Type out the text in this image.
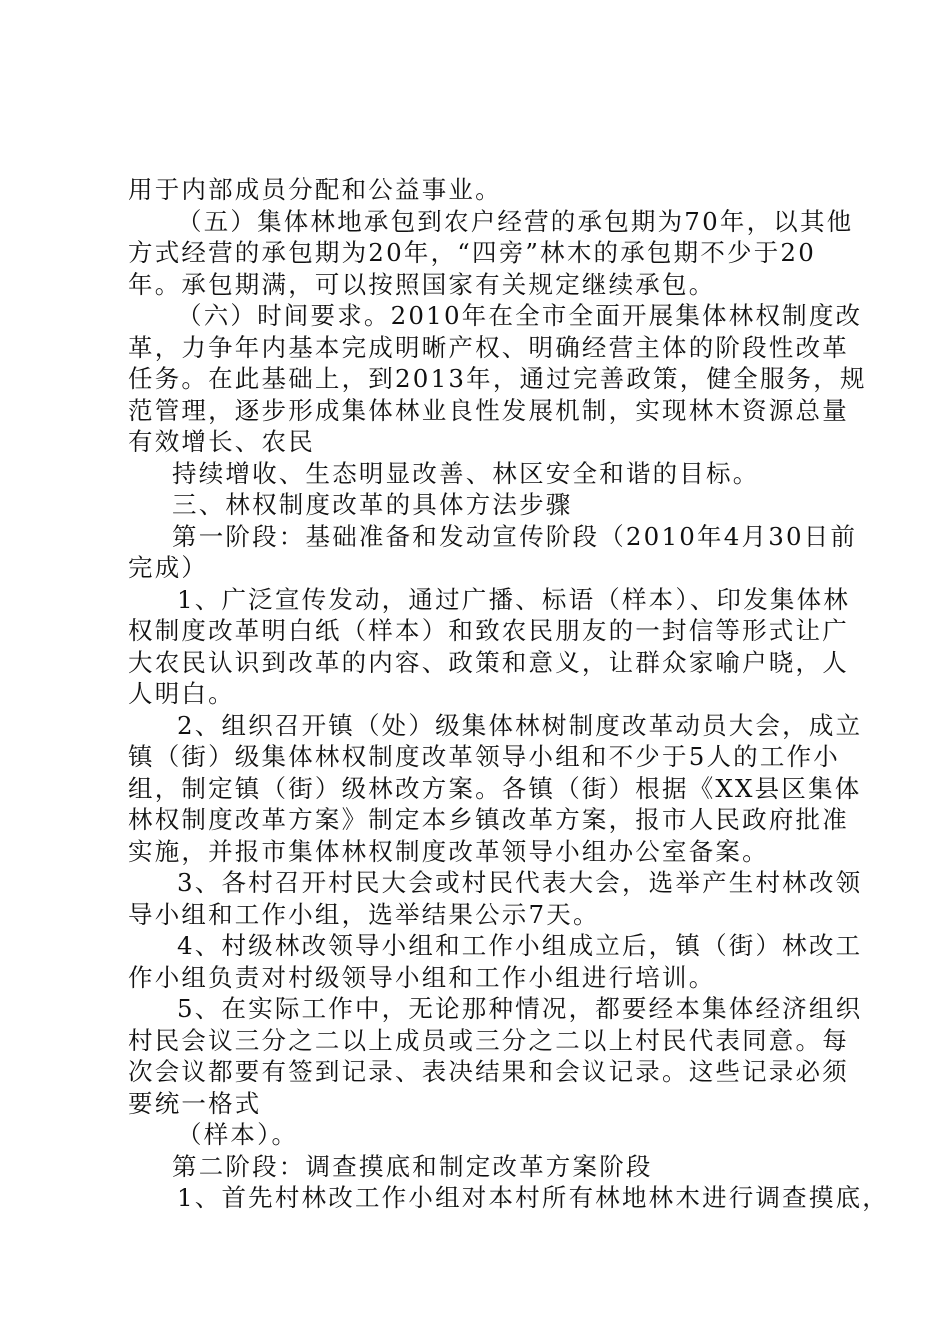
用于内部成员分配和公益事业。
（五）集体林地承包到农户经营的承包期为70年，以其他
方式经营的承包期为20年，“四旁”林木的承包期不少于20
年。承包期满，可以按照国家有关规定继续承包。
（六）时间要求。2010年在全市全面开展集体林权制度改
革，力争年内基本完成明晰产权、明确经营主体的阶段性改革
任务。在此基础上，到2013年，通过完善政策，健全服务，规
范管理，逐步形成集体林业良性发展机制，实现林木资源总量
有效增长、农民
持续增收、生态明显改善、林区安全和谐的目标。
三、林权制度改革的具体方法步骤
第一阶段：基础准备和发动宣传阶段（2010年4月30日前
完成）
1、广泛宣传发动，通过广播、标语（样本）、印发集体林
权制度改革明白纸（样本）和致农民朋友的一封信等形式让广
大农民认识到改革的内容、政策和意义，让群众家喻户晓，人
人明白。
2、组织召开镇（处）级集体林树制度改革动员大会，成立
镇（街）级集体林权制度改革领导小组和不少于5人的工作小
组，制定镇（街）级林改方案。各镇（街）根据《XX县区集体
林权制度改革方案》制定本乡镇改革方案，报市人民政府批准
实施，并报市集体林权制度改革领导小组办公室备案。
3、各村召开村民大会或村民代表大会，选举产生村林改领
导小组和工作小组，选举结果公示7天。
4、村级林改领导小组和工作小组成立后，镇（街）林改工
作小组负责对村级领导小组和工作小组进行培训。
5、在实际工作中，无论那种情况，都要经本集体经济组织
村民会议三分之二以上成员或三分之二以上村民代表同意。每
次会议都要有签到记录、表决结果和会议记录。这些记录必须
要统一格式
（样本）。
第二阶段：调查摸底和制定改革方案阶段
1、首先村林改工作小组对本村所有林地林木进行调查摸底，
